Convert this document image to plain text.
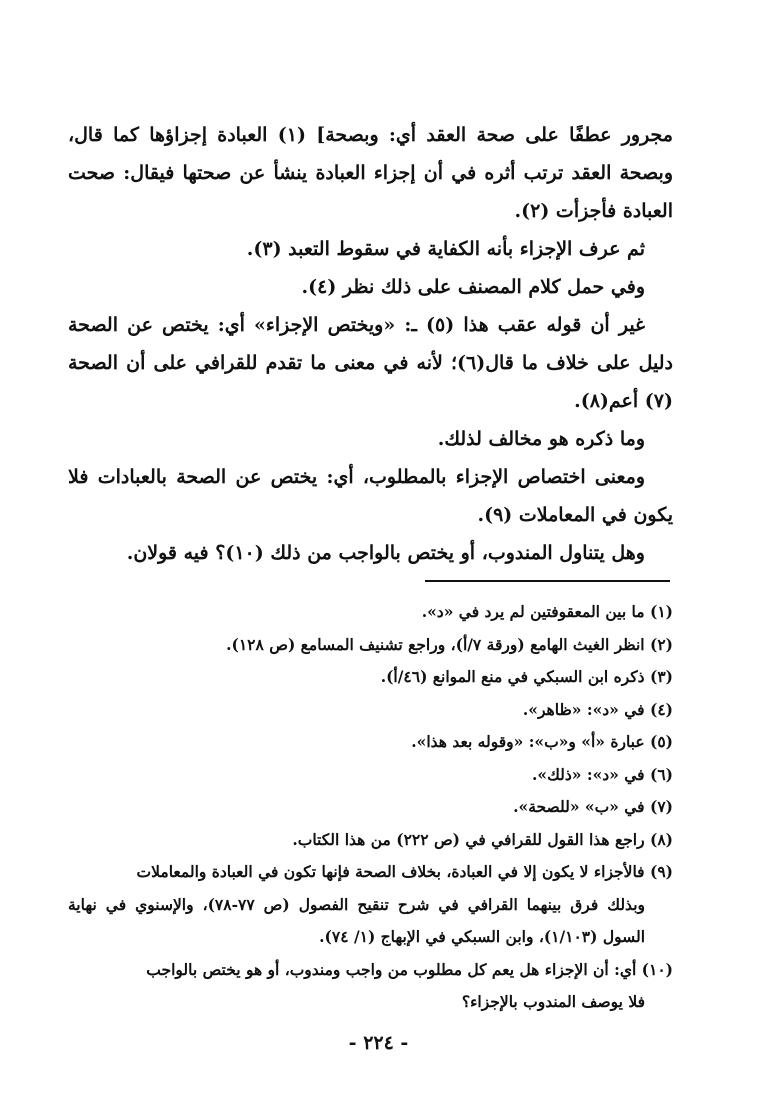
مجرور عطفًا على صحة العقد أي: وبصحة] (١) العبادة إجزاؤها كما قال، وبصحة العقد ترتب أثره في أن إجزاء العبادة ينشأ عن صحتها فيقال: صحت العبادة فأجزأت (٢).

ثم عرف الإجزاء بأنه الكفاية في سقوط التعبد (٣).

وفي حمل كلام المصنف على ذلك نظر (٤).

غير أن قوله عقب هذا (٥) ـ: «ويختص الإجزاء» أي: يختص عن الصحة دليل على خلاف ما قال(٦)؛ لأنه في معنى ما تقدم للقرافي على أن الصحة (٧) أعم(٨).

وما ذكره هو مخالف لذلك.

ومعنى اختصاص الإجزاء بالمطلوب، أي: يختص عن الصحة بالعبادات فلا يكون في المعاملات (٩).

وهل يتناول المندوب، أو يختص بالواجب من ذلك (١٠)؟ فيه قولان.

(١) ما بين المعقوفتين لم يرد في «د».

(٢) انظر الغيث الهامع (ورقة ٧/أ)، وراجع تشنيف المسامع (ص ١٢٨).

(٣) ذكره ابن السبكي في منع الموانع (٤٦/أ).

(٤) في «د»: «ظاهر».

(٥) عبارة «أ» و«ب»: «وقوله بعد هذا».

(٦) في «د»: «ذلك».

(٧) في «ب» «للصحة».

(٨) راجع هذا القول للقرافي في (ص ٢٢٢) من هذا الكتاب.

(٩) فالأجزاء لا يكون إلا في العبادة، بخلاف الصحة فإنها تكون في العبادة والمعاملات

وبذلك فرق بينهما القرافي في شرح تنقيح الفصول (ص ٧٧-٧٨)، والإسنوي في نهاية السول (١/١٠٣)، وابن السبكي في الإبهاج (١/ ٧٤).

(١٠) أي: أن الإجزاء هل يعم كل مطلوب من واجب ومندوب، أو هو يختص بالواجب

فلا يوصف المندوب بالإجزاء؟

- ٢٢٤ -
